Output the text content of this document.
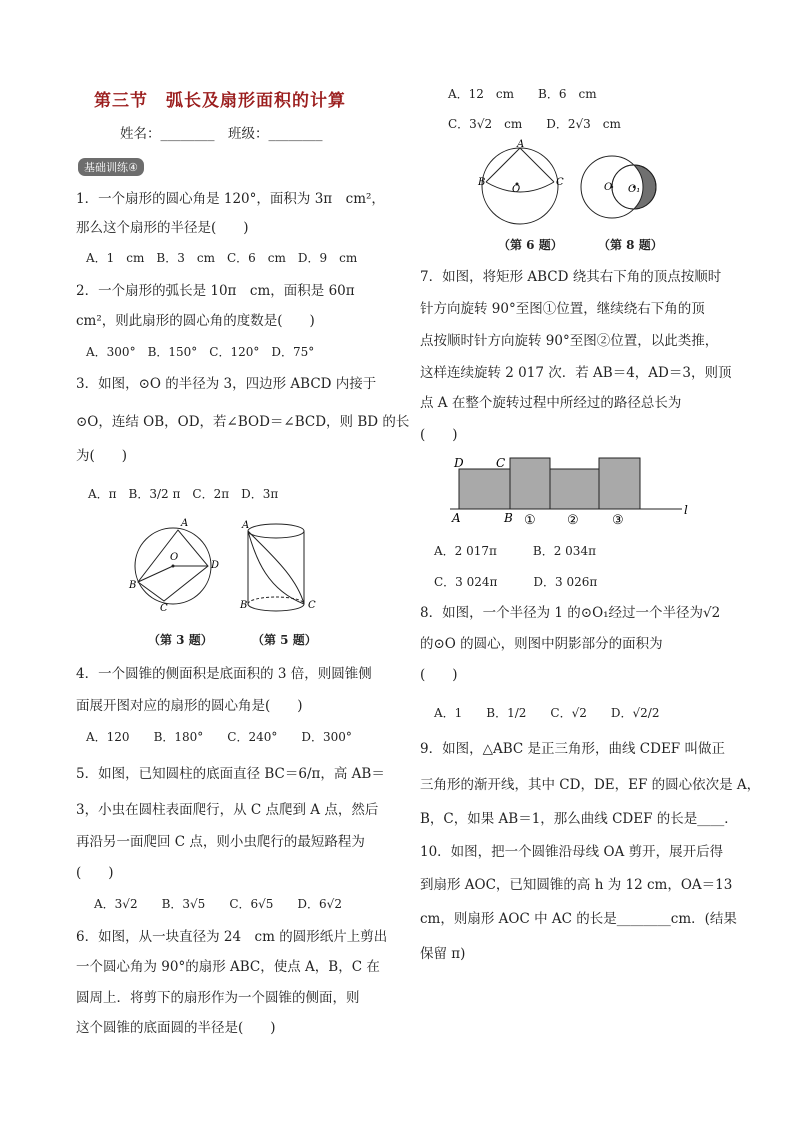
第三节　弧长及扇形面积的计算
姓名：________　班级：________
基础训练④
1．一个扇形的圆心角是 120°，面积为 3π　cm²，
那么这个扇形的半径是(　　)
A．1　cm　B．3　cm　C．6　cm　D．9　cm
2．一个扇形的弧长是 10π　cm，面积是 60π
cm²，则此扇形的圆心角的度数是(　　)
A．300°　B．150°　C．120°　D．75°
3．如图，⊙O 的半径为 3，四边形 ABCD 内接于
⊙O，连结 OB，OD，若∠BOD＝∠BCD，则 BD 的长
为(　　)
A．π　B．3/2 π　C．2π　D．3π
A
O
B
D
C
A
B	C
（第 3 题）	（第 5 题）
4．一个圆锥的侧面积是底面积的 3 倍，则圆锥侧
面展开图对应的扇形的圆心角是(　　)
A．120　　B．180°　　C．240°　　D．300°
5．如图，已知圆柱的底面直径 BC＝6/π，高 AB＝
3，小虫在圆柱表面爬行，从 C 点爬到 A 点，然后
再沿另一面爬回 C 点，则小虫爬行的最短路程为
(　　)
A．3√2　　B．3√5　　C．6√5　　D．6√2
6．如图，从一块直径为 24　cm 的圆形纸片上剪出
一个圆心角为 90°的扇形 ABC，使点 A，B，C 在
圆周上．将剪下的扇形作为一个圆锥的侧面，则
这个圆锥的底面圆的半径是(　　)
A．12　cm　　B．6　cm
C．3√2　cm　　D．2√3　cm
A
B
O
C	O O₁
（第 6 题）	（第 8 题）
7．如图，将矩形 ABCD 绕其右下角的顶点按顺时
针方向旋转 90°至图①位置，继续绕右下角的顶
点按顺时针方向旋转 90°至图②位置，以此类推，
这样连续旋转 2 017 次．若 AB＝4，AD＝3，则顶
点 A 在整个旋转过程中所经过的路径总长为
(　　)
D	C
A	B ① ②	③
l
A．2 017π　　　B．2 034π
C．3 024π　　　D．3 026π
8．如图，一个半径为 1 的⊙O₁经过一个半径为√2
的⊙O 的圆心，则图中阴影部分的面积为
(　　)
A．1　　B．1/2　　C．√2　　D．√2/2
9．如图，△ABC 是正三角形，曲线 CDEF 叫做正
三角形的渐开线，其中 CD，DE，EF 的圆心依次是 A，
B，C，如果 AB＝1，那么曲线 CDEF 的长是____．
10．如图，把一个圆锥沿母线 OA 剪开，展开后得
到扇形 AOC，已知圆锥的高 h 为 12 cm，OA＝13
cm，则扇形 AOC 中 AC 的长是________cm．(结果
保留 π)
